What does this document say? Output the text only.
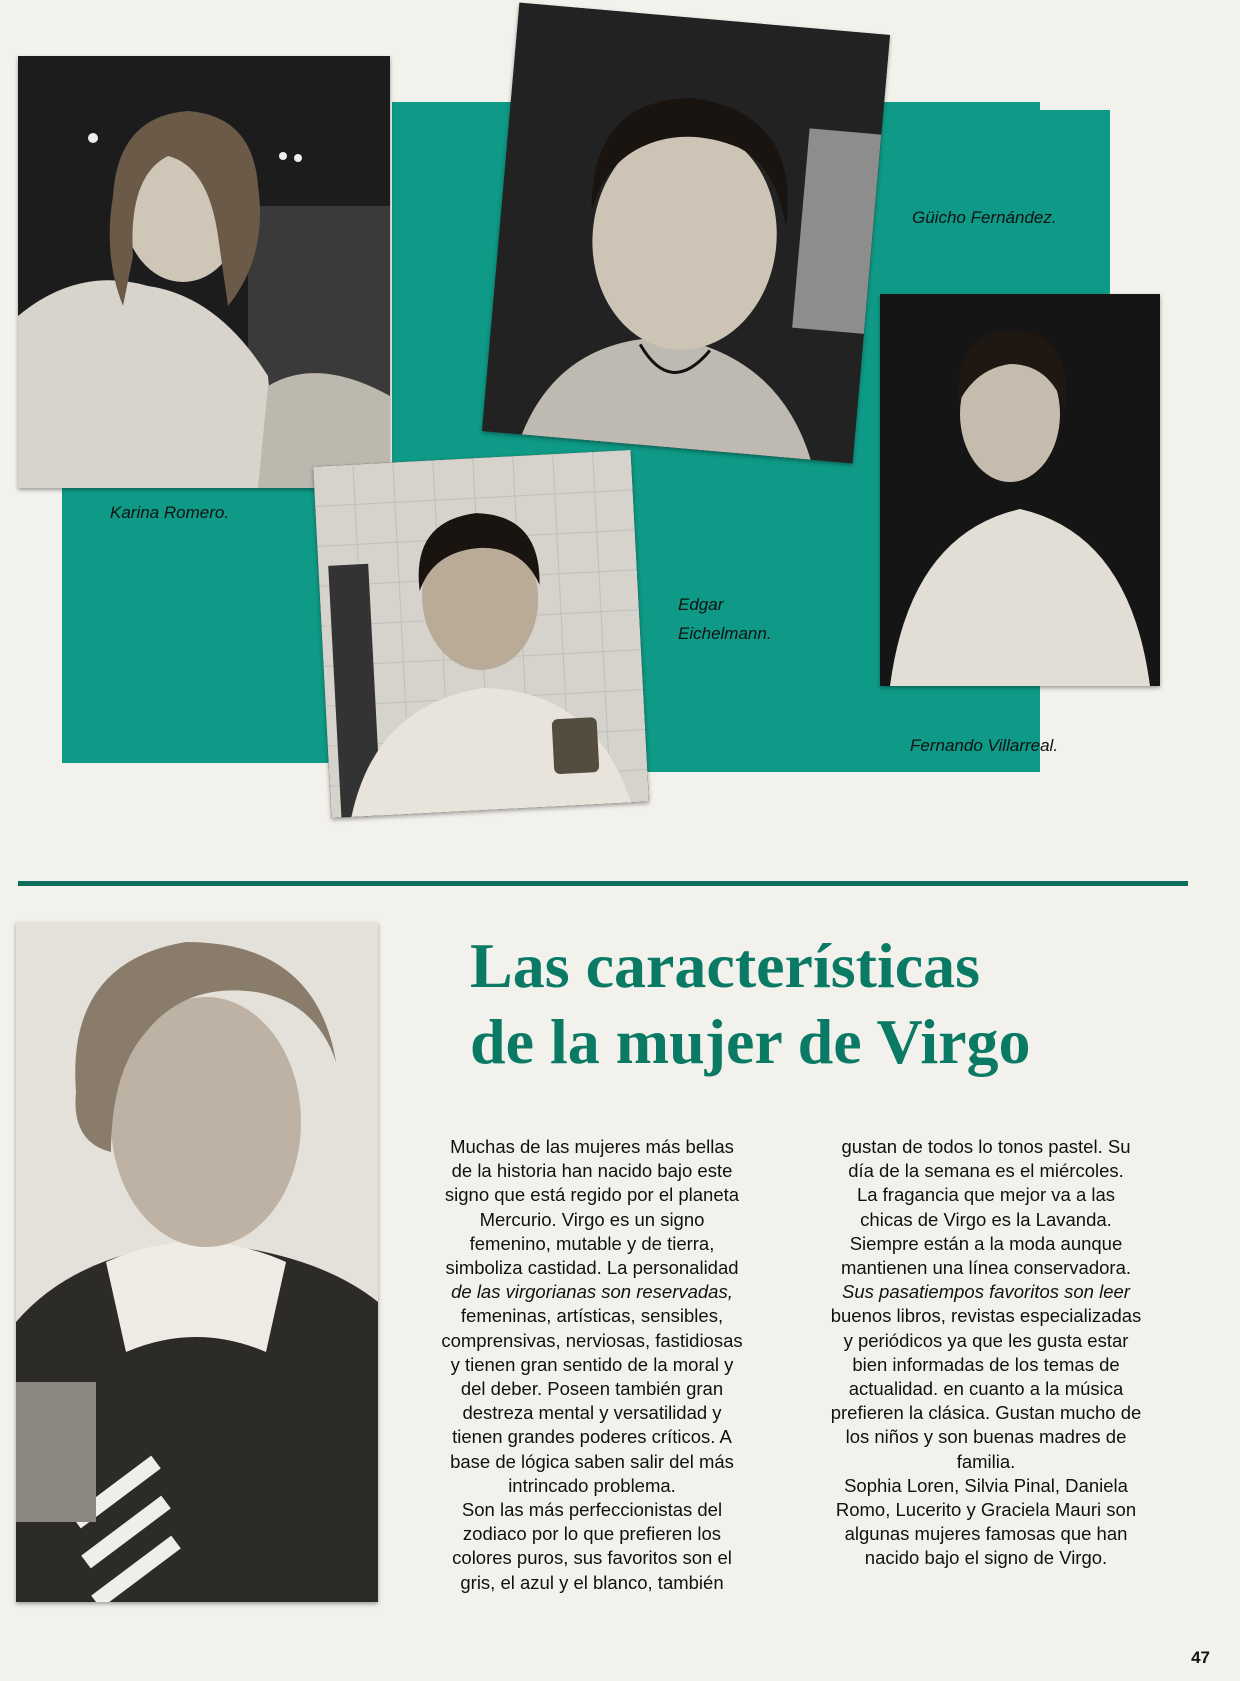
Karina Romero.
Güicho Fernández.
Edgar
Eichelmann.
Fernando Villarreal.
Las características
de la mujer de Virgo

Muchas de las mujeres más bellas

de la historia han nacido bajo este

signo que está regido por el planeta

Mercurio. Virgo es un signo

femenino, mutable y de tierra,

simboliza castidad. La personalidad

de las virgorianas son reservadas,

femeninas, artísticas, sensibles,

comprensivas, nerviosas, fastidiosas

y tienen gran sentido de la moral y

del deber. Poseen también gran

destreza mental y versatilidad y

tienen grandes poderes críticos. A

base de lógica saben salir del más

intrincado problema.

Son las más perfeccionistas del

zodiaco por lo que prefieren los

colores puros, sus favoritos son el

gris, el azul y el blanco, también

gustan de todos lo tonos pastel. Su

día de la semana es el miércoles.

La fragancia que mejor va a las

chicas de Virgo es la Lavanda.

Siempre están a la moda aunque

mantienen una línea conservadora.

Sus pasatiempos favoritos son leer

buenos libros, revistas especializadas

y periódicos ya que les gusta estar

bien informadas de los temas de

actualidad. en cuanto a la música

prefieren la clásica. Gustan mucho de

los niños y son buenas madres de

familia.

Sophia Loren, Silvia Pinal, Daniela

Romo, Lucerito y Graciela Mauri son

algunas mujeres famosas que han

nacido bajo el signo de Virgo.

47
